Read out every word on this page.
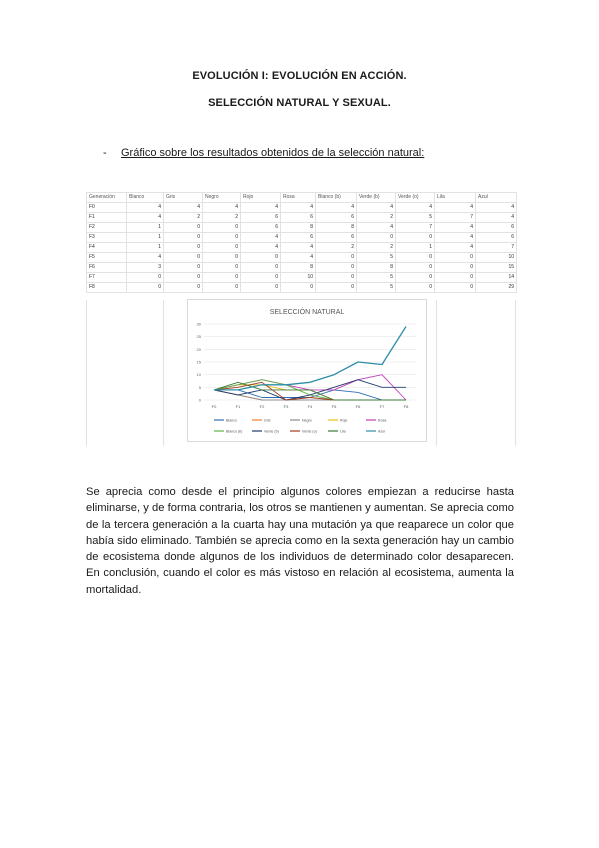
EVOLUCIÓN I: EVOLUCIÓN EN ACCIÓN.
SELECCIÓN NATURAL Y SEXUAL.
- Gráfico sobre los resultados obtenidos de la selección natural:
Generación	Blanco	Gris	Negro	Rojo	Rosa	Blanco (b)	Verde (b)	Verde (o)	Lila	Azul
F0	4	4	4	4	4	4	4	4	4	4
F1	4	2	2	6	6	6	2	5	7	4
F2	1	0	0	6	8	8	4	7	4	6
F3	1	0	0	4	6	6	0	0	4	6
F4	1	0	0	4	4	2	2	1	4	7
F5	4	0	0	0	4	0	5	0	0	10
F6	3	0	0	0	8	0	8	0	0	15
F7	0	0	0	0	10	0	5	0	0	14
F8	0	0	0	0	0	0	5	0	0	29
SELECCIÓN NATURAL
0
5
10
15
20
25
30
F0	F1	F2	F3	F4	F5	F6	F7	F8
Blanco	Gris	Negro	Rojo	Rosa
Blanco (b)	Verde (b)	Verde (o)	Lila	Azul
Se aprecia como desde el principio algunos colores empiezan a reducirse hasta eliminarse, y de forma contraria, los otros se mantienen y aumentan. Se aprecia como de la tercera generación a la cuarta hay una mutación ya que reaparece un color que había sido eliminado. También se aprecia como en la sexta generación hay un cambio de ecosistema donde algunos de los individuos de determinado color desaparecen. En conclusión, cuando el color es más vistoso en relación al ecosistema, aumenta la mortalidad.
